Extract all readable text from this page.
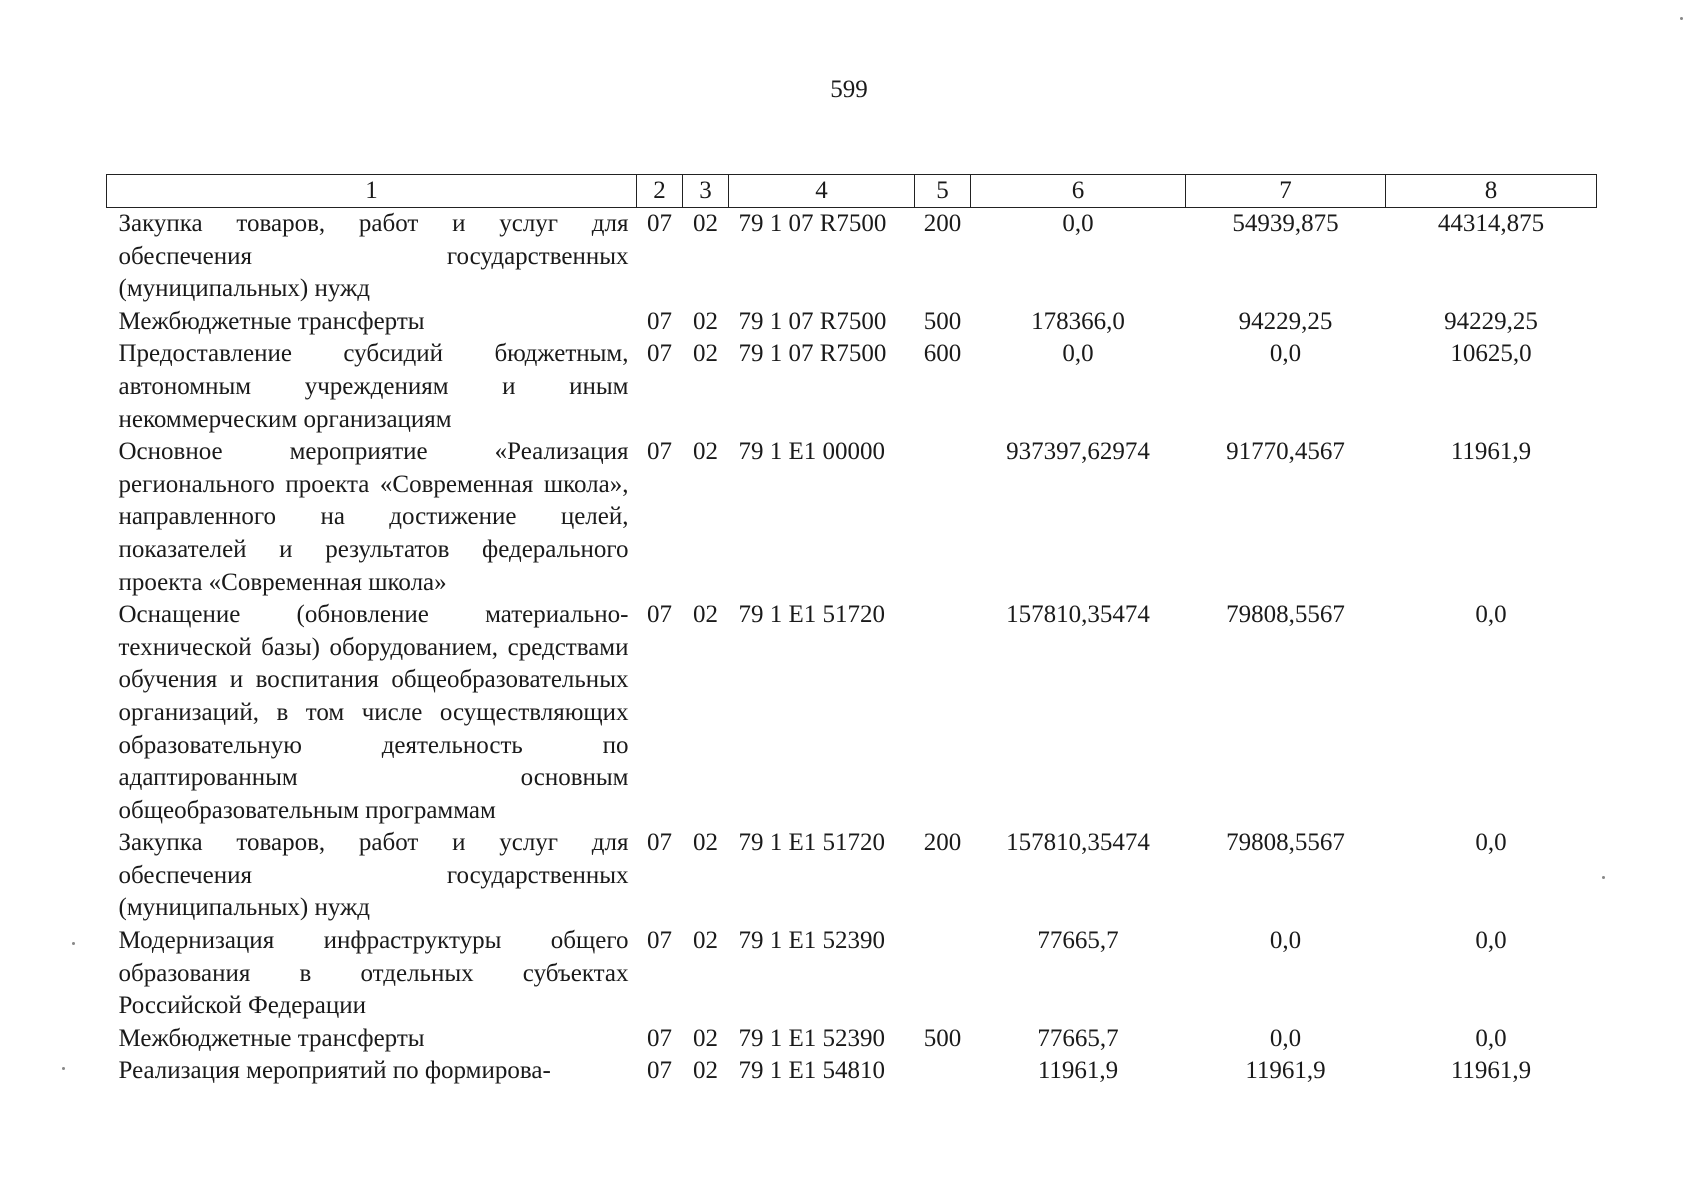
599
1	2	3	4	5	6	7	8
Закупка товаров, работ и услуг для обеспечения государственных (муниципальных) нужд	07	02	79 1 07 R7500	200	0,0	54939,875	44314,875
Межбюджетные трансферты	07	02	79 1 07 R7500	500	178366,0	94229,25	94229,25
Предоставление субсидий бюджетным, автономным учреждениям и иным некоммерческим организациям	07	02	79 1 07 R7500	600	0,0	0,0	10625,0
Основное мероприятие «Реализация регионального проекта «Современная школа», направленного на достижение целей, показателей и результатов федерального проекта «Современная школа»	07	02	79 1 E1 00000		937397,62974	91770,4567	11961,9
Оснащение (обновление материально-технической базы) оборудованием, средствами обучения и воспитания общеобразовательных организаций, в том числе осуществляющих образовательную деятельность по адаптированным основным общеобразовательным программам	07	02	79 1 E1 51720		157810,35474	79808,5567	0,0
Закупка товаров, работ и услуг для обеспечения государственных (муниципальных) нужд	07	02	79 1 E1 51720	200	157810,35474	79808,5567	0,0
Модернизация инфраструктуры общего образования в отдельных субъектах Российской Федерации	07	02	79 1 E1 52390		77665,7	0,0	0,0
Межбюджетные трансферты	07	02	79 1 E1 52390	500	77665,7	0,0	0,0
Реализация мероприятий по формирова-	07	02	79 1 E1 54810		11961,9	11961,9	11961,9
